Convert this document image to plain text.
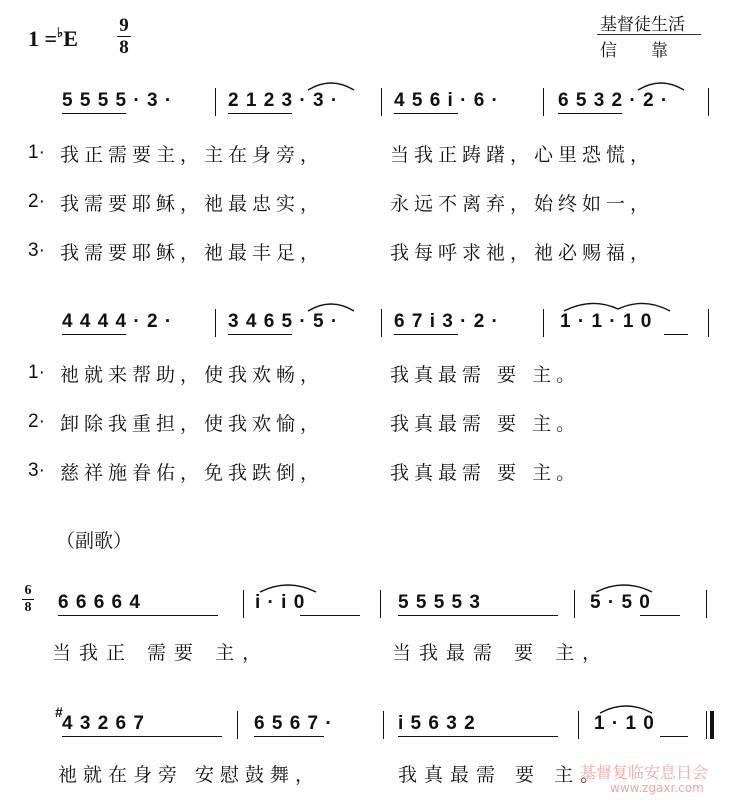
1 =♭E
9
8
基督徒生活
信　　靠
5 5 5 5 · 3 ·	2 1 2 3 · 3 ·	4 5 6 i · 6 ·	6 5 3 2 · 2 ·
1· 我正需要主，主在身旁，	当我正踌躇，心里恐慌，
2· 我需要耶稣，祂最忠实，	永远不离弃，始终如一，
3· 我需要耶稣，祂最丰足，	我每呼求祂，祂必赐福，
4 4 4 4 · 2 ·	3 4 6 5 · 5 ·	6 7 i 3 · 2 ·	1 · 1 · 1 0
1· 祂就来帮助，使我欢畅，	我真最需 要 主。
2· 卸除我重担，使我欢愉，	我真最需 要 主。
3· 慈祥施眷佑，免我跌倒，	我真最需 要 主。
（副歌）
6
8 6 6 6 6 4	i · i 0	5 5 5 5 3	5 · 5 0
当我正 需要 主，	当我最需 要 主，
#
4 3 2 6 7	6 5 6 7 ·	i 5 6 3 2	1 · 1 0
祂就在身旁 安慰鼓舞，	我真最需 要 主。
基督复临安息日会
www.zgaxr.com
